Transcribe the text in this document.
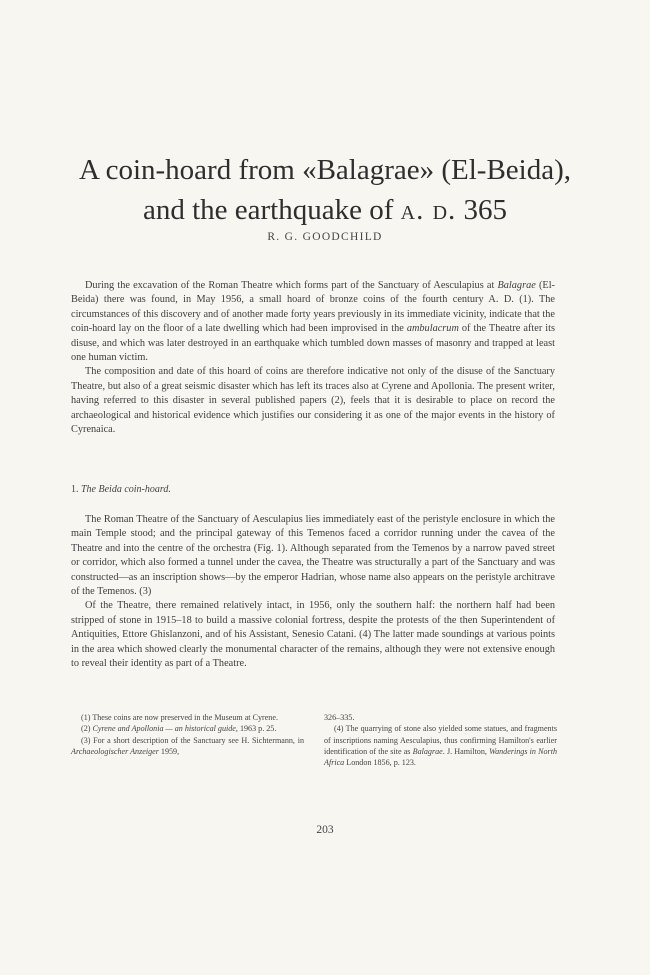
A coin-hoard from «Balagrae» (El-Beida),
and the earthquake of a. d. 365
R. G. GOODCHILD

During the excavation of the Roman Theatre which forms part of the Sanctuary of Aesculapius at Balagrae (El-Beida) there was found, in May 1956, a small hoard of bronze coins of the fourth century A. D. (1). The circumstances of this discovery and of another made forty years previously in its immediate vicinity, indicate that the coin-hoard lay on the floor of a late dwelling which had been improvised in the ambulacrum of the Theatre after its disuse, and which was later destroyed in an earthquake which tumbled down masses of masonry and trapped at least one human victim.

The composition and date of this hoard of coins are therefore indicative not only of the disuse of the Sanctuary Theatre, but also of a great seismic disaster which has left its traces also at Cyrene and Apollonia. The present writer, having referred to this disaster in several published papers (2), feels that it is desirable to place on record the archaeological and historical evidence which justifies our considering it as one of the major events in the history of Cyrenaica.

1. The Beida coin-hoard.

The Roman Theatre of the Sanctuary of Aesculapius lies immediately east of the peristyle enclosure in which the main Temple stood; and the principal gateway of this Temenos faced a corridor running under the cavea of the Theatre and into the centre of the orchestra (Fig. 1). Although separated from the Temenos by a narrow paved street or corridor, which also formed a tunnel under the cavea, the Theatre was structurally a part of the Sanctuary and was constructed—as an inscription shows—by the emperor Hadrian, whose name also appears on the peristyle architrave of the Temenos. (3)

Of the Theatre, there remained relatively intact, in 1956, only the southern half: the northern half had been stripped of stone in 1915–18 to build a massive colonial fortress, despite the protests of the then Superintendent of Antiquities, Ettore Ghislanzoni, and of his Assistant, Senesio Catani. (4) The latter made soundings at various points in the area which showed clearly the monumental character of the remains, although they were not extensive enough to reveal their identity as part of a Theatre.

(1) These coins are now preserved in the Museum at Cyrene.

(2) Cyrene and Apollonia — an historical guide, 1963 p. 25.

(3) For a short description of the Sanctuary see H. Sichtermann, in Archaeologischer Anzeiger 1959,

326–335.

(4) The quarrying of stone also yielded some statues, and fragments of inscriptions naming Aesculapius, thus confirming Hamilton's earlier identification of the site as Balagrae. J. Hamilton, Wanderings in North Africa London 1856, p. 123.

203
